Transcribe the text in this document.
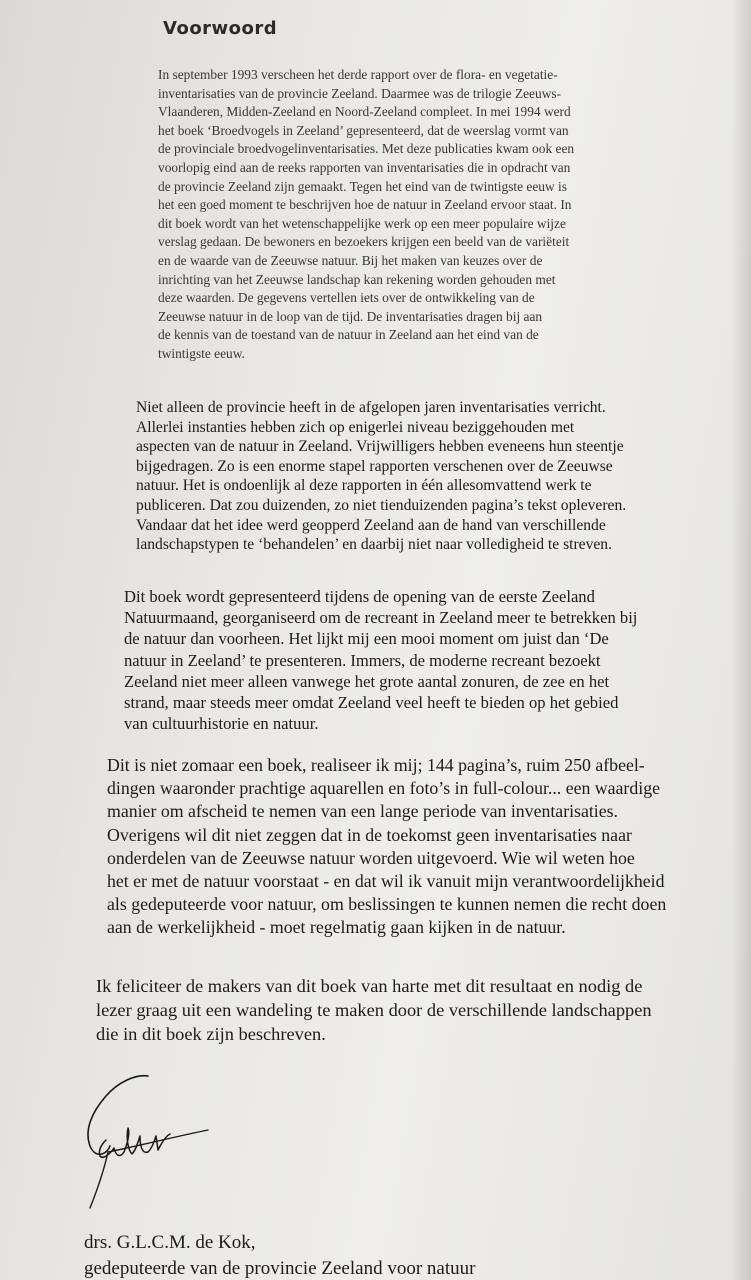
Voorwoord

In september 1993 verscheen het derde rapport over de flora- en vegetatie-
inventarisaties van de provincie Zeeland. Daarmee was de trilogie Zeeuws-
Vlaanderen, Midden-Zeeland en Noord-Zeeland compleet. In mei 1994 werd
het boek ‘Broedvogels in Zeeland’ gepresenteerd, dat de weerslag vormt van
de provinciale broedvogelinventarisaties. Met deze publicaties kwam ook een
voorlopig eind aan de reeks rapporten van inventarisaties die in opdracht van
de provincie Zeeland zijn gemaakt. Tegen het eind van de twintigste eeuw is
het een goed moment te beschrijven hoe de natuur in Zeeland ervoor staat. In
dit boek wordt van het wetenschappelijke werk op een meer populaire wijze
verslag gedaan. De bewoners en bezoekers krijgen een beeld van de variëteit
en de waarde van de Zeeuwse natuur. Bij het maken van keuzes over de
inrichting van het Zeeuwse landschap kan rekening worden gehouden met
deze waarden. De gegevens vertellen iets over de ontwikkeling van de
Zeeuwse natuur in de loop van de tijd. De inventarisaties dragen bij aan
de kennis van de toestand van de natuur in Zeeland aan het eind van de
twintigste eeuw.

Niet alleen de provincie heeft in de afgelopen jaren inventarisaties verricht.
Allerlei instanties hebben zich op enigerlei niveau beziggehouden met
aspecten van de natuur in Zeeland. Vrijwilligers hebben eveneens hun steentje
bijgedragen. Zo is een enorme stapel rapporten verschenen over de Zeeuwse
natuur. Het is ondoenlijk al deze rapporten in één allesomvattend werk te
publiceren. Dat zou duizenden, zo niet tienduizenden pagina’s tekst opleveren.
Vandaar dat het idee werd geopperd Zeeland aan de hand van verschillende
landschapstypen te ‘behandelen’ en daarbij niet naar volledigheid te streven.

Dit boek wordt gepresenteerd tijdens de opening van de eerste Zeeland
Natuurmaand, georganiseerd om de recreant in Zeeland meer te betrekken bij
de natuur dan voorheen. Het lijkt mij een mooi moment om juist dan ‘De
natuur in Zeeland’ te presenteren. Immers, de moderne recreant bezoekt
Zeeland niet meer alleen vanwege het grote aantal zonuren, de zee en het
strand, maar steeds meer omdat Zeeland veel heeft te bieden op het gebied
van cultuurhistorie en natuur.

Dit is niet zomaar een boek, realiseer ik mij; 144 pagina’s, ruim 250 afbeel-
dingen waaronder prachtige aquarellen en foto’s in full-colour... een waardige
manier om afscheid te nemen van een lange periode van inventarisaties.
Overigens wil dit niet zeggen dat in de toekomst geen inventarisaties naar
onderdelen van de Zeeuwse natuur worden uitgevoerd. Wie wil weten hoe
het er met de natuur voorstaat - en dat wil ik vanuit mijn verantwoordelijkheid
als gedeputeerde voor natuur, om beslissingen te kunnen nemen die recht doen
aan de werkelijkheid - moet regelmatig gaan kijken in de natuur.

Ik feliciteer de makers van dit boek van harte met dit resultaat en nodig de
lezer graag uit een wandeling te maken door de verschillende landschappen
die in dit boek zijn beschreven.

drs. G.L.C.M. de Kok,
gedeputeerde van de provincie Zeeland voor natuur
